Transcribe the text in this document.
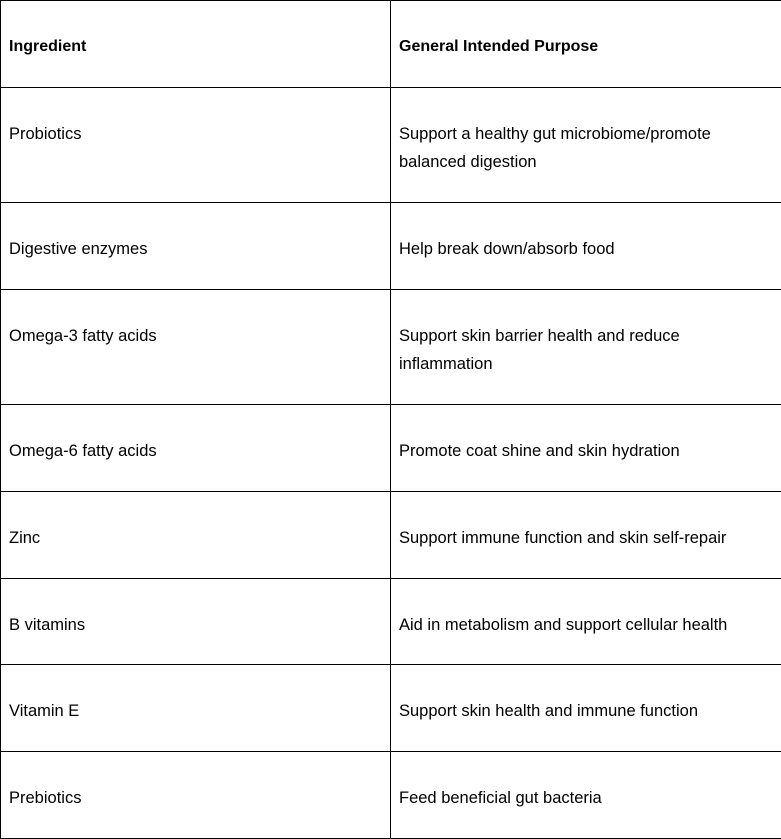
Ingredient	General Intended Purpose
Probiotics	Support a healthy gut microbiome/promote balanced digestion
Digestive enzymes	Help break down/absorb food
Omega-3 fatty acids	Support skin barrier health and reduce inflammation
Omega-6 fatty acids	Promote coat shine and skin hydration
Zinc	Support immune function and skin self-repair
B vitamins	Aid in metabolism and support cellular health
Vitamin E	Support skin health and immune function
Prebiotics	Feed beneficial gut bacteria
